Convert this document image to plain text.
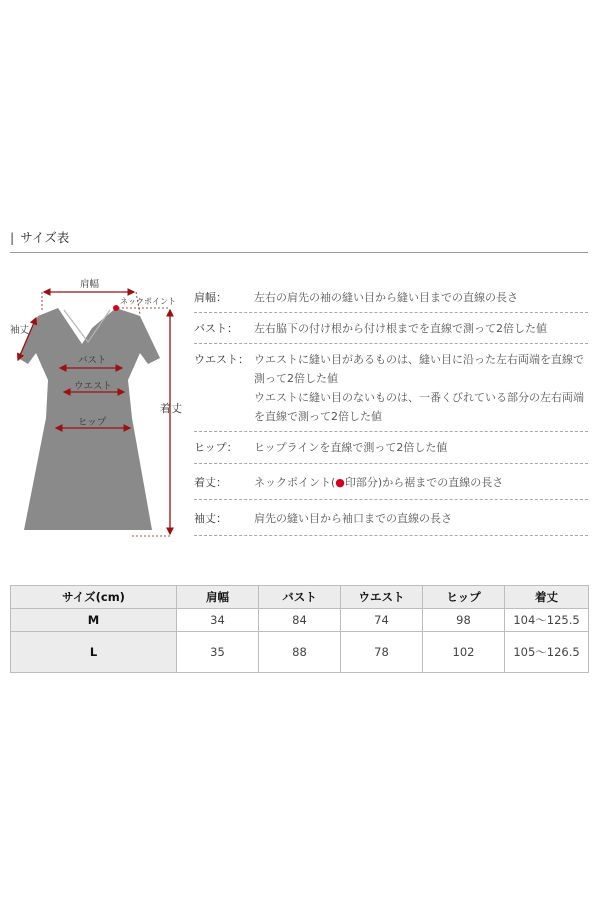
| サイズ表
肩幅
ネックポイント
袖丈
バスト
ウエスト
ヒップ
着丈
肩幅：	左右の肩先の袖の縫い目から縫い目までの直線の長さ
バスト：	左右脇下の付け根から付け根までを直線で測って2倍した値
ウエスト： ウエストに縫い目があるものは、縫い目に沿った左右両端を直線で
測って2倍した値
ウエストに縫い目のないものは、一番くびれている部分の左右両端
を直線で測って2倍した値
ヒップ：	ヒップラインを直線で測って2倍した値
着丈：	ネックポイント(●印部分)から裾までの直線の長さ
袖丈：	肩先の縫い目から袖口までの直線の長さ
サイズ(cm)	肩幅	バスト	ウエスト	ヒップ	着丈
M	34	84	74	98	104〜125.5
L	35	88	78	102	105〜126.5
